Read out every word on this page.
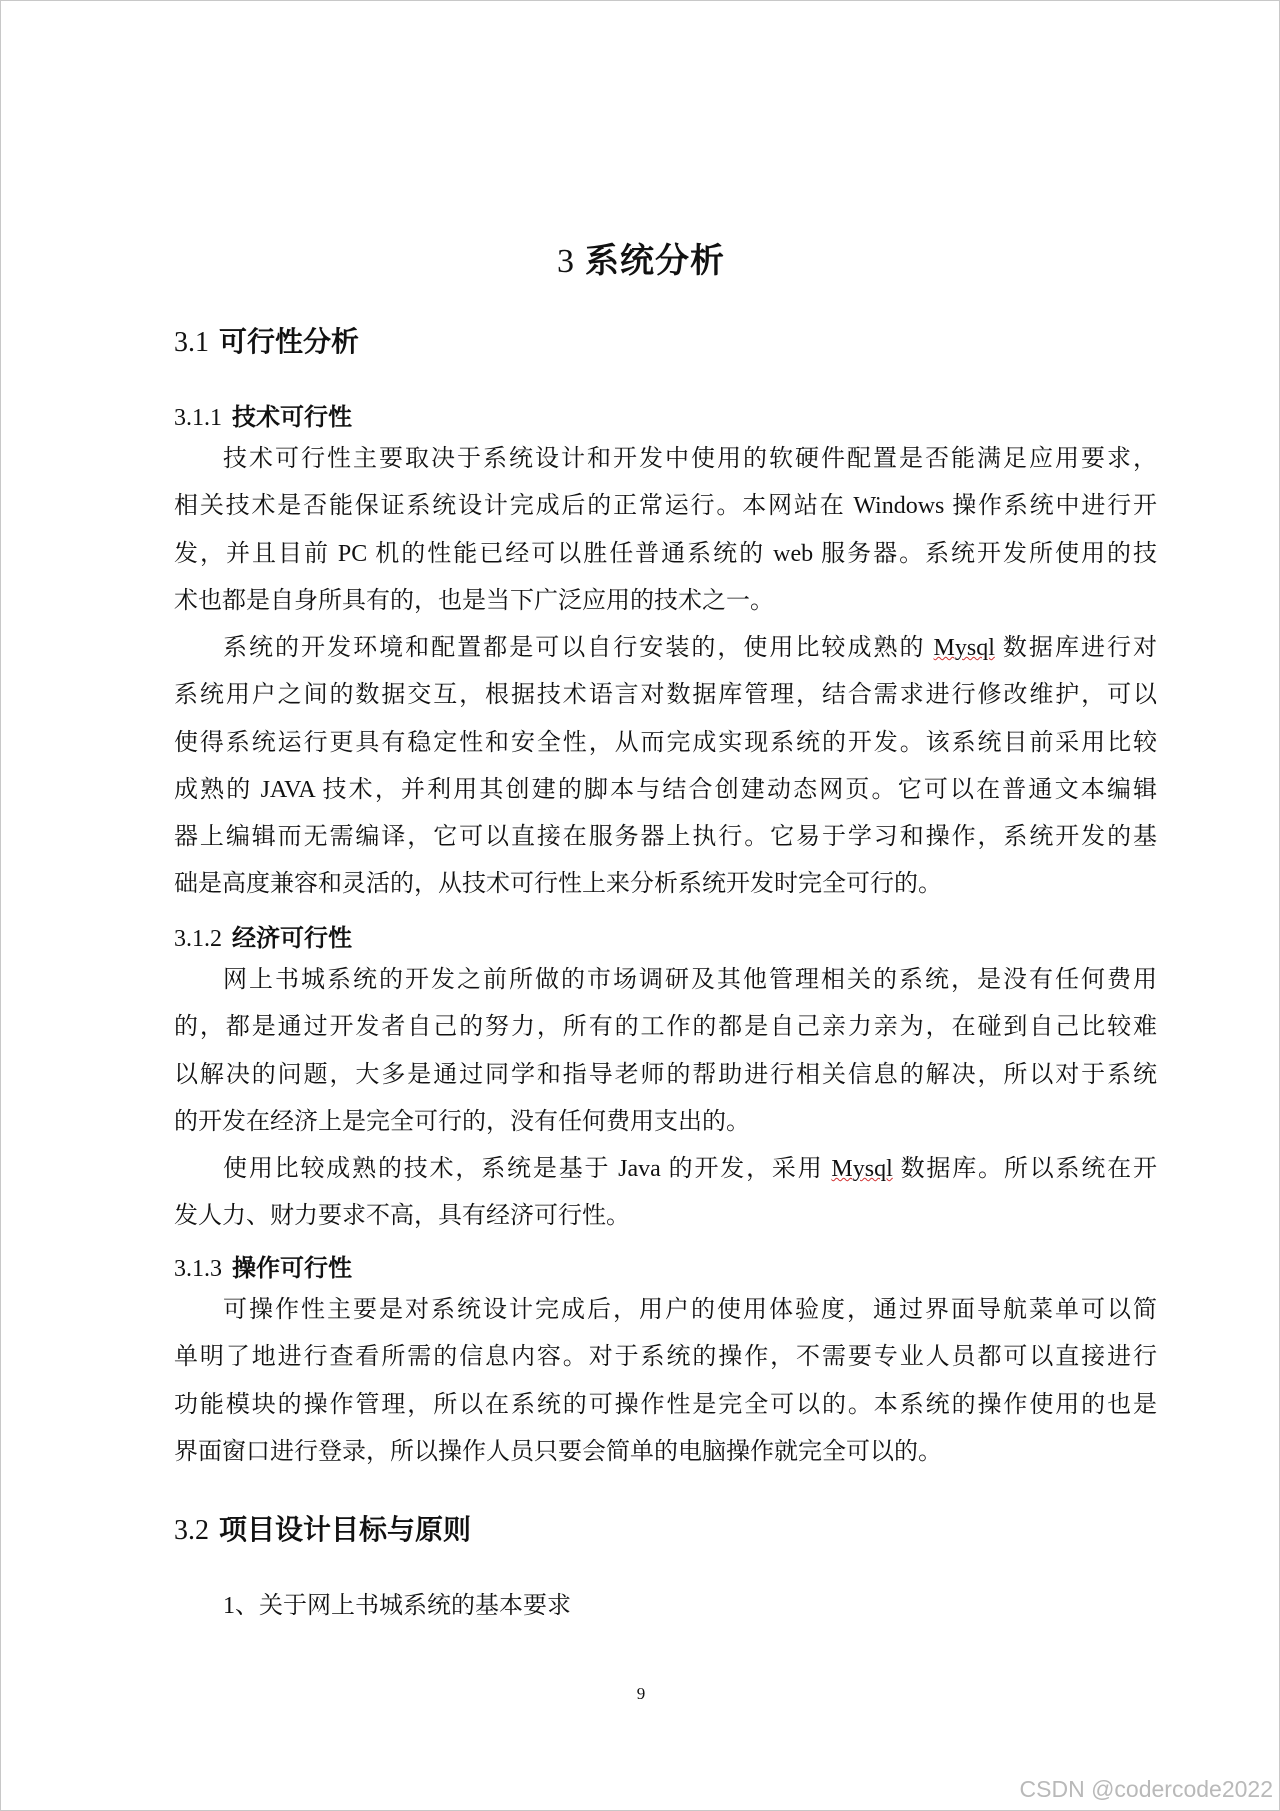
3 系统分析
3.1 可行性分析
3.1.1 技术可行性
技术可行性主要取决于系统设计和开发中使用的软硬件配置是否能满足应用要求，
相关技术是否能保证系统设计完成后的正常运行。本网站在 Windows 操作系统中进行开
发，并且目前 PC 机的性能已经可以胜任普通系统的 web 服务器。系统开发所使用的技
术也都是自身所具有的，也是当下广泛应用的技术之一。
系统的开发环境和配置都是可以自行安装的，使用比较成熟的 Mysql 数据库进行对
系统用户之间的数据交互，根据技术语言对数据库管理，结合需求进行修改维护，可以
使得系统运行更具有稳定性和安全性，从而完成实现系统的开发。该系统目前采用比较
成熟的 JAVA 技术，并利用其创建的脚本与结合创建动态网页。它可以在普通文本编辑
器上编辑而无需编译，它可以直接在服务器上执行。它易于学习和操作，系统开发的基
础是高度兼容和灵活的，从技术可行性上来分析系统开发时完全可行的。
3.1.2 经济可行性
网上书城系统的开发之前所做的市场调研及其他管理相关的系统，是没有任何费用
的，都是通过开发者自己的努力，所有的工作的都是自己亲力亲为，在碰到自己比较难
以解决的问题，大多是通过同学和指导老师的帮助进行相关信息的解决，所以对于系统
的开发在经济上是完全可行的，没有任何费用支出的。
使用比较成熟的技术，系统是基于 Java 的开发，采用 Mysql 数据库。所以系统在开
发人力、财力要求不高，具有经济可行性。
3.1.3 操作可行性
可操作性主要是对系统设计完成后，用户的使用体验度，通过界面导航菜单可以简
单明了地进行查看所需的信息内容。对于系统的操作，不需要专业人员都可以直接进行
功能模块的操作管理，所以在系统的可操作性是完全可以的。本系统的操作使用的也是
界面窗口进行登录，所以操作人员只要会简单的电脑操作就完全可以的。
3.2 项目设计目标与原则
1、关于网上书城系统的基本要求
9
CSDN @codercode2022
